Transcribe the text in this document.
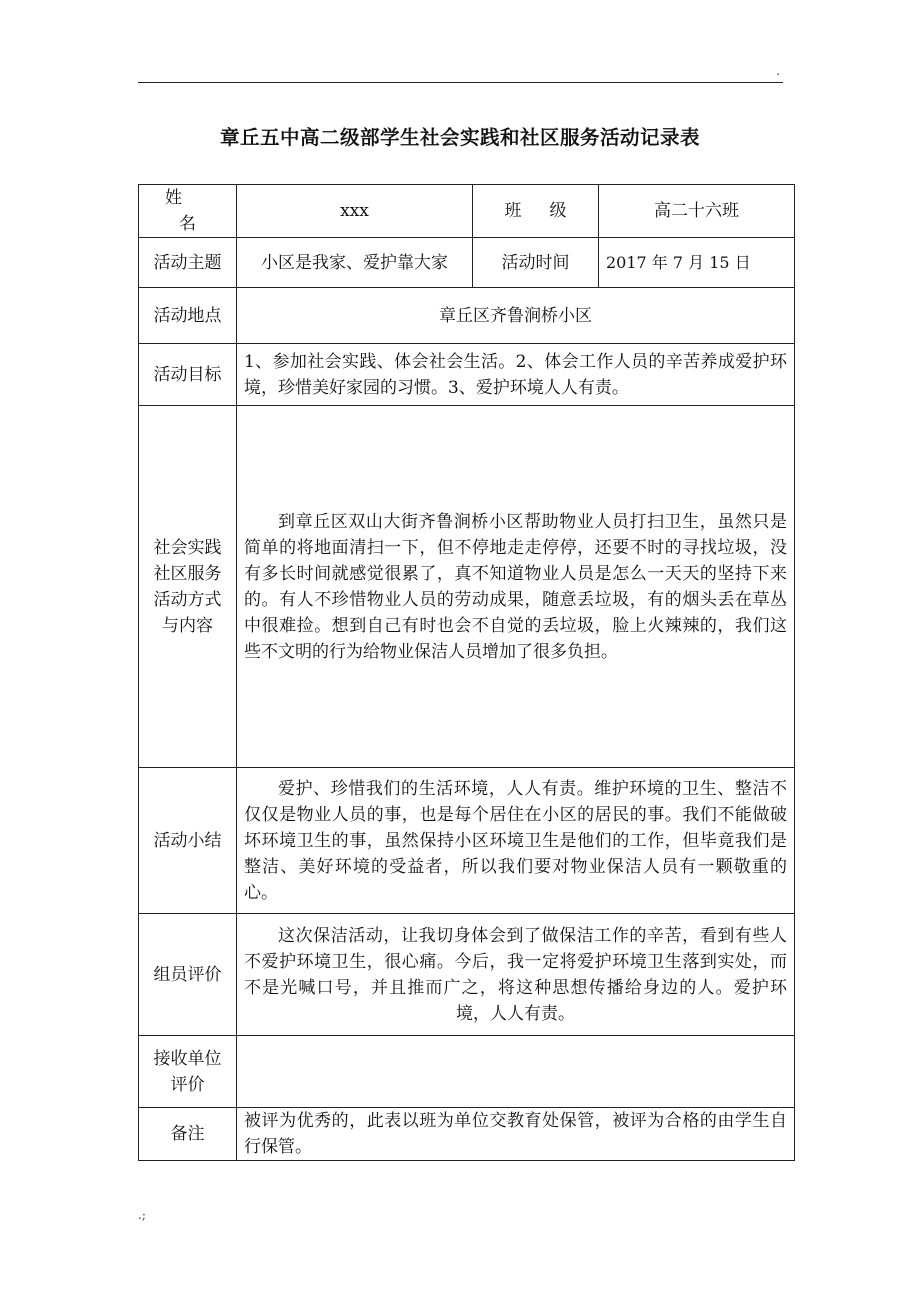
.
章丘五中高二级部学生社会实践和社区服务活动记录表
姓名	xxx	班级	高二十六班
活动主题	小区是我家、爱护靠大家	活动时间	2017 年 7 月 15 日
活动地点	章丘区齐鲁涧桥小区		
活动目标	1、参加社会实践、体会社会生活。2、体会工作人员的辛苦养成爱护环境，珍惜美好家园的习惯。3、爱护环境人人有责。		
社会实践社区服务活动方式与内容	到章丘区双山大街齐鲁涧桥小区帮助物业人员打扫卫生，虽然只是简单的将地面清扫一下，但不停地走走停停，还要不时的寻找垃圾，没有多长时间就感觉很累了，真不知道物业人员是怎么一天天的坚持下来的。有人不珍惜物业人员的劳动成果，随意丢垃圾，有的烟头丢在草丛中很难捡。想到自己有时也会不自觉的丢垃圾，脸上火辣辣的，我们这些不文明的行为给物业保洁人员增加了很多负担。		

活动小结	爱护、珍惜我们的生活环境，人人有责。维护环境的卫生、整洁不仅仅是物业人员的事，也是每个居住在小区的居民的事。我们不能做破坏环境卫生的事，虽然保持小区环境卫生是他们的工作，但毕竟我们是整洁、美好环境的受益者，所以我们要对物业保洁人员有一颗敬重的心。		

组员评价	这次保洁活动，让我切身体会到了做保洁工作的辛苦，看到有些人不爱护环境卫生，很心痛。今后，我一定将爱护环境卫生落到实处，而不是光喊口号，并且推而广之，将这种思想传播给身边的人。爱护环境，人人有责。		

接收单位评价			
备注	被评为优秀的，此表以班为单位交教育处保管，被评为合格的由学生自行保管。		
.;
